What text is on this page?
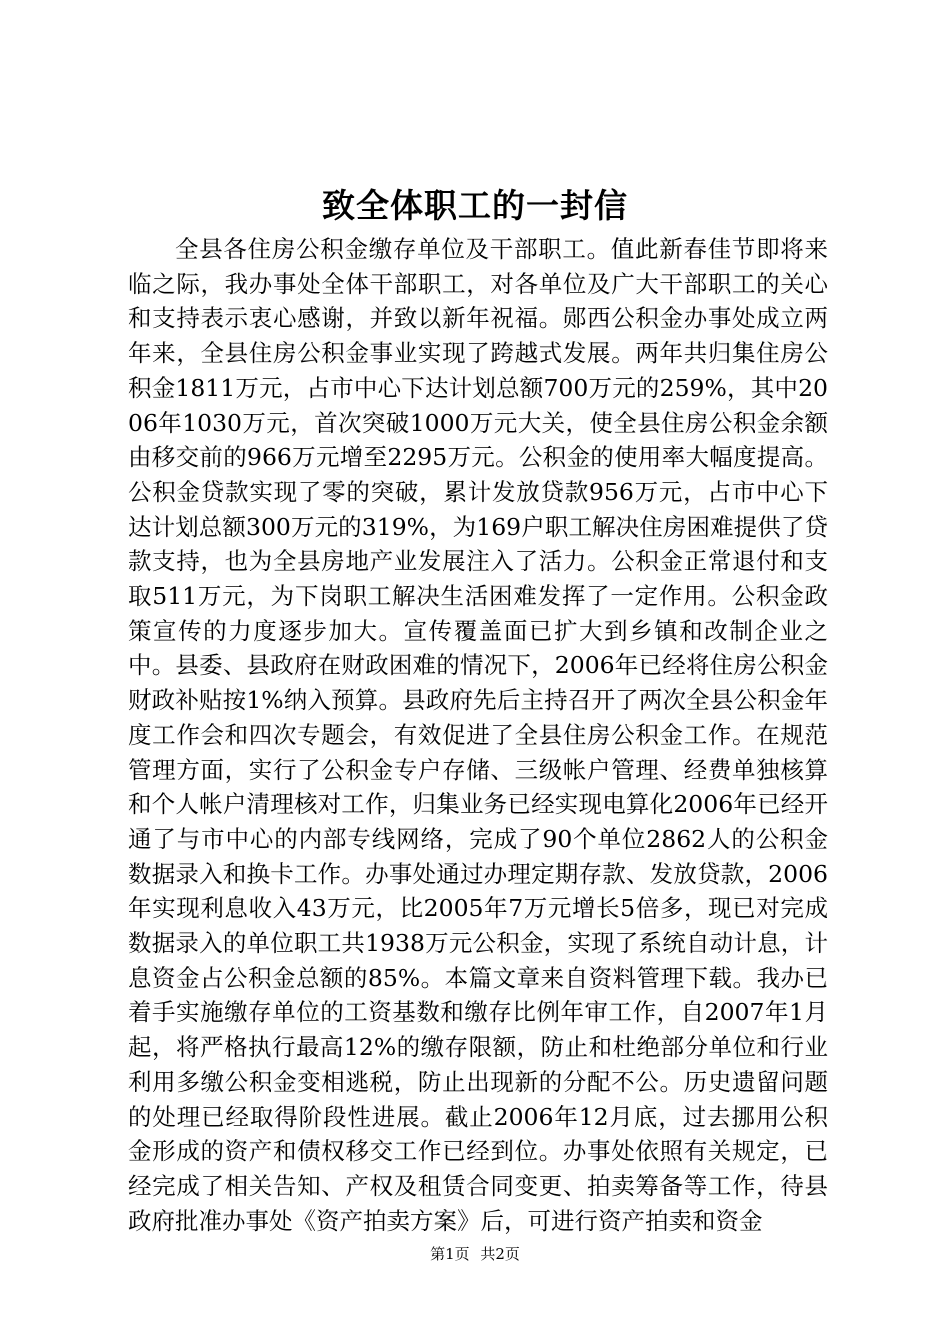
致全体职工的一封信

全县各住房公积金缴存单位及干部职工。值此新春佳节即将来临之际，我办事处全体干部职工，对各单位及广大干部职工的关心和支持表示衷心感谢，并致以新年祝福。郧西公积金办事处成立两年来，全县住房公积金事业实现了跨越式发展。两年共归集住房公积金1811万元，占市中心下达计划总额700万元的259%，其中2006年1030万元，首次突破1000万元大关，使全县住房公积金余额由移交前的966万元增至2295万元。公积金的使用率大幅度提高。公积金贷款实现了零的突破，累计发放贷款956万元，占市中心下达计划总额300万元的319%，为169户职工解决住房困难提供了贷款支持，也为全县房地产业发展注入了活力。公积金正常退付和支取511万元，为下岗职工解决生活困难发挥了一定作用。公积金政策宣传的力度逐步加大。宣传覆盖面已扩大到乡镇和改制企业之中。县委、县政府在财政困难的情况下，2006年已经将住房公积金财政补贴按1%纳入预算。县政府先后主持召开了两次全县公积金年度工作会和四次专题会，有效促进了全县住房公积金工作。在规范管理方面，实行了公积金专户存储、三级帐户管理、经费单独核算和个人帐户清理核对工作，归集业务已经实现电算化2006年已经开通了与市中心的内部专线网络，完成了90个单位2862人的公积金数据录入和换卡工作。办事处通过办理定期存款、发放贷款，2006年实现利息收入43万元，比2005年7万元增长5倍多，现已对完成数据录入的单位职工共1938万元公积金，实现了系统自动计息，计息资金占公积金总额的85%。本篇文章来自资料管理下载。我办已着手实施缴存单位的工资基数和缴存比例年审工作，自2007年1月起，将严格执行最高12%的缴存限额，防止和杜绝部分单位和行业利用多缴公积金变相逃税，防止出现新的分配不公。历史遗留问题的处理已经取得阶段性进展。截止2006年12月底，过去挪用公积金形成的资产和债权移交工作已经到位。办事处依照有关规定，已经完成了相关告知、产权及租赁合同变更、拍卖筹备等工作，待县政府批准办事处《资产拍卖方案》后，可进行资产拍卖和资金

第1页 共2页
